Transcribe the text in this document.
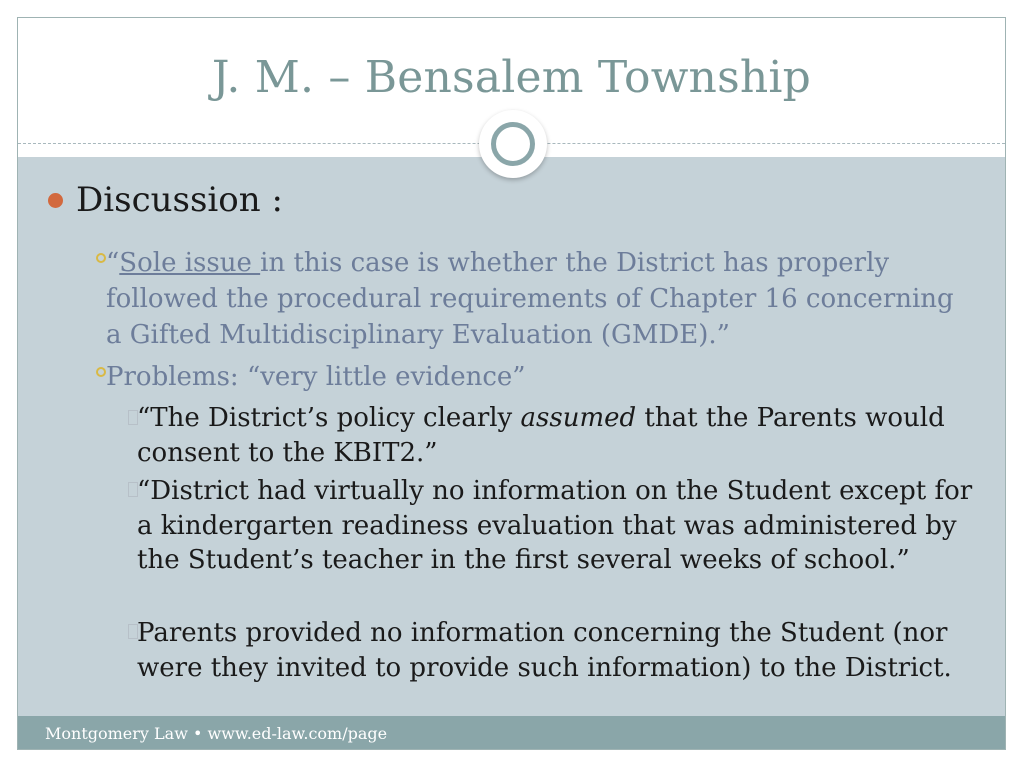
J. M. – Bensalem Township
Discussion :
“Sole issue in this case is whether the District has properly followed the procedural requirements of Chapter 16 concerning a Gifted Multidisciplinary Evaluation (GMDE).”
Problems: “very little evidence”
“The District’s policy clearly assumed that the Parents would consent to the KBIT2.”
“District had virtually no information on the Student except for a kindergarten readiness evaluation that was administered by the Student’s teacher in the first several weeks of school.”
Parents provided no information concerning the Student (nor were they invited to provide such information) to the District.
Montgomery Law • www.ed-law.com/page
